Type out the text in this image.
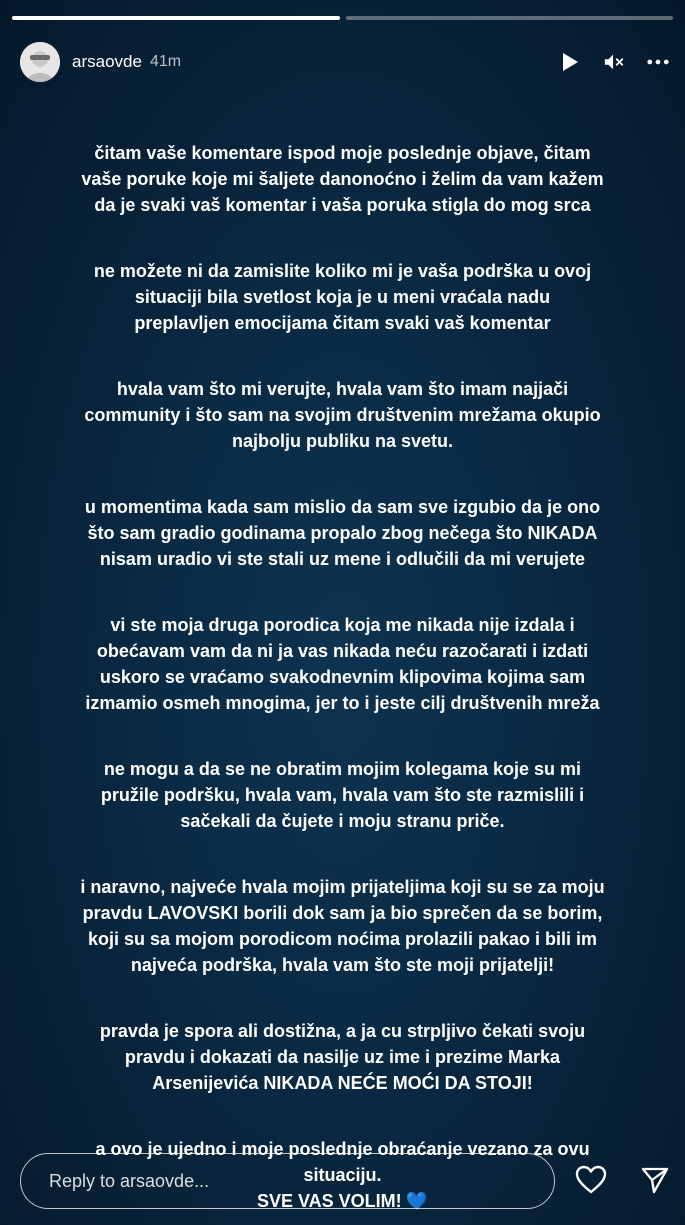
arsaovde 41m

čitam vaše komentare ispod moje poslednje objave, čitam
vaše poruke koje mi šaljete danonoćno i želim da vam kažem
da je svaki vaš komentar i vaša poruka stigla do mog srca

ne možete ni da zamislite koliko mi je vaša podrška u ovoj
situaciji bila svetlost koja je u meni vraćala nadu
preplavljen emocijama čitam svaki vaš komentar

hvala vam što mi verujte, hvala vam što imam najjači
community i što sam na svojim društvenim mrežama okupio
najbolju publiku na svetu.

u momentima kada sam mislio da sam sve izgubio da je ono
što sam gradio godinama propalo zbog nečega što NIKADA
nisam uradio vi ste stali uz mene i odlučili da mi verujete

vi ste moja druga porodica koja me nikada nije izdala i
obećavam vam da ni ja vas nikada neću razočarati i izdati
uskoro se vraćamo svakodnevnim klipovima kojima sam
izmamio osmeh mnogima, jer to i jeste cilj društvenih mreža

ne mogu a da se ne obratim mojim kolegama koje su mi
pružile podršku, hvala vam, hvala vam što ste razmislili i
sačekali da čujete i moju stranu priče.

i naravno, najveće hvala mojim prijateljima koji su se za moju
pravdu LAVOVSKI borili dok sam ja bio sprečen da se borim,
koji su sa mojom porodicom noćima prolazili pakao i bili im
najveća podrška, hvala vam što ste moji prijatelji!

pravda je spora ali dostižna, a ja cu strpljivo čekati svoju
pravdu i dokazati da nasilje uz ime i prezime Marka
Arsenijevića NIKADA NEĆE MOĆI DA STOJI!

a ovo je ujedno i moje poslednje obraćanje vezano za ovu
situaciju.
SVE VAS VOLIM! 💙

Reply to arsaovde...
